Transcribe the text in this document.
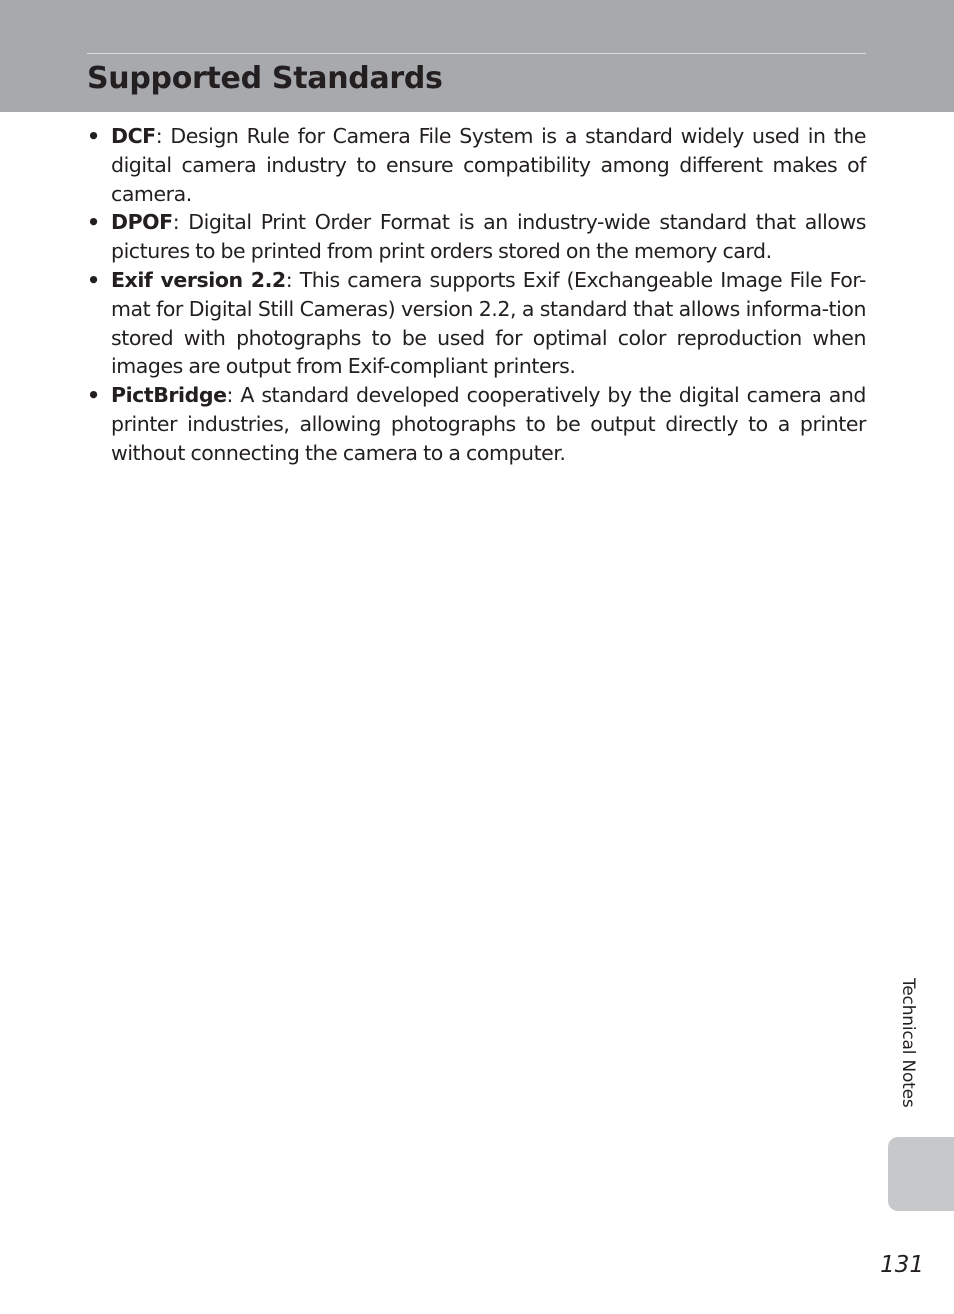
Supported Standards
• DCF: Design Rule for Camera File System is a standard widely used in the digital camera industry to ensure compatibility among different makes of camera.
• DPOF: Digital Print Order Format is an industry-wide standard that allows pictures to be printed from print orders stored on the memory card.
• Exif version 2.2: This camera supports Exif (Exchangeable Image File For-mat for Digital Still Cameras) version 2.2, a standard that allows informa-tion stored with photographs to be used for optimal color reproduction when images are output from Exif-compliant printers.
• PictBridge: A standard developed cooperatively by the digital camera and printer industries, allowing photographs to be output directly to a printer without connecting the camera to a computer.
Technical Notes
131
